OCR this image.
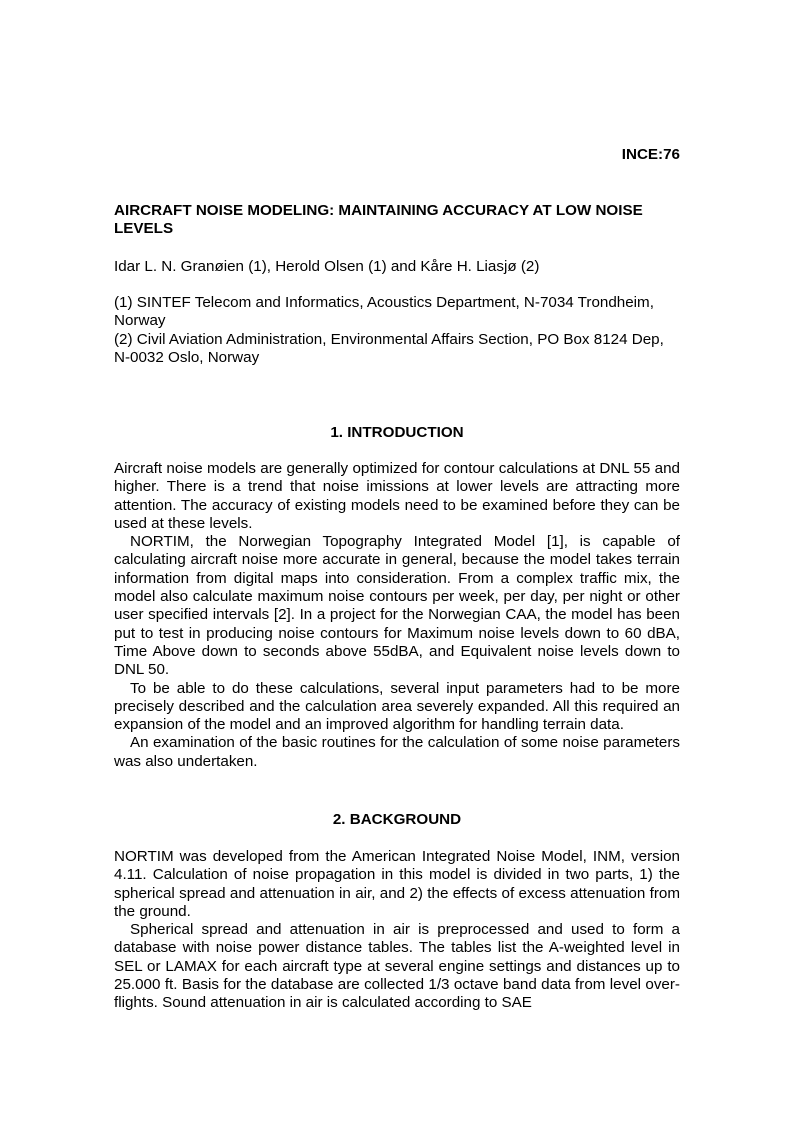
INCE:76
AIRCRAFT NOISE MODELING: MAINTAINING ACCURACY AT LOW NOISE LEVELS
Idar L. N. Granøien (1), Herold Olsen (1) and Kåre H. Liasjø (2)

(1) SINTEF Telecom and Informatics, Acoustics Department, N-7034 Trondheim, Norway

(2) Civil Aviation Administration, Environmental Affairs Section, PO Box 8124 Dep, N-0032 Oslo, Norway

1. INTRODUCTION

Aircraft noise models are generally optimized for contour calculations at DNL 55 and higher. There is a trend that noise imissions at lower levels are attracting more attention. The accuracy of existing models need to be examined before they can be used at these levels.

NORTIM, the Norwegian Topography Integrated Model [1], is capable of calculating aircraft noise more accurate in general, because the model takes terrain information from digital maps into consideration. From a complex traffic mix, the model also calculate maximum noise contours per week, per day, per night or other user specified intervals [2]. In a project for the Norwegian CAA, the model has been put to test in producing noise contours for Maximum noise levels down to 60 dBA, Time Above down to seconds above 55dBA, and Equivalent noise levels down to DNL 50.

To be able to do these calculations, several input parameters had to be more precisely described and the calculation area severely expanded. All this required an expansion of the model and an improved algorithm for handling terrain data.

An examination of the basic routines for the calculation of some noise parameters was also undertaken.

2. BACKGROUND

NORTIM was developed from the American Integrated Noise Model, INM, version 4.11. Calculation of noise propagation in this model is divided in two parts, 1) the spherical spread and attenuation in air, and 2) the effects of excess attenuation from the ground.

Spherical spread and attenuation in air is preprocessed and used to form a database with noise power distance tables. The tables list the A-weighted level in SEL or LAMAX for each aircraft type at several engine settings and distances up to 25.000 ft. Basis for the database are collected 1/3 octave band data from level over-flights. Sound attenuation in air is calculated according to SAE
